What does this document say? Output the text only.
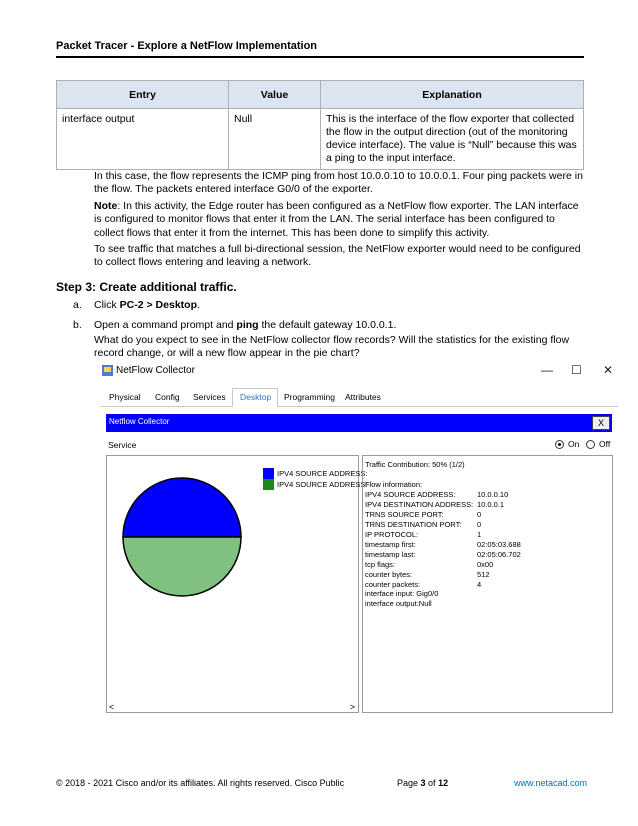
Packet Tracer - Explore a NetFlow Implementation
Entry	Value	Explanation
interface output	Null	This is the interface of the flow exporter that collected the flow in the output direction (out of the monitoring device interface). The value is “Null” because this was a ping to the input interface.
In this case, the flow represents the ICMP ping from host 10.0.0.10 to 10.0.0.1. Four ping packets were in the flow. The packets entered interface G0/0 of the exporter.
Note: In this activity, the Edge router has been configured as a NetFlow flow exporter. The LAN interface is configured to monitor flows that enter it from the LAN. The serial interface has been configured to collect flows that enter it from the internet. This has been done to simplify this activity.
To see traffic that matches a full bi-directional session, the NetFlow exporter would need to be configured to collect flows entering and leaving a network.
Step 3: Create additional traffic.
a. Click PC-2 > Desktop.
b. Open a command prompt and ping the default gateway 10.0.0.1.
What do you expect to see in the NetFlow collector flow records? Will the statistics for the existing flow record change, or will a new flow appear in the pie chart?
NetFlow Collector	— ☐ ✕
Physical Config Services Desktop Programming Attributes
Netflow Collector	X
Service	On Off
IPV4 SOURCE ADDRESS:
IPV4 SOURCE ADDRESS:
<	>
Traffic Contribution: 50% (1/2)
Flow information:
IPV4 SOURCE ADDRESS:	10.0.0.10
IPV4 DESTINATION ADDRESS: 10.0.0.1
TRNS SOURCE PORT:	0
TRNS DESTINATION PORT: 0
IP PROTOCOL:	1
timestamp first:	02:05:03.688
timestamp last:	02:05:06.702
tcp flags:	0x00
counter bytes:	512
counter packets:	4
interface input: Gig0/0
interface output:Null
© 2018 - 2021 Cisco and/or its affiliates. All rights reserved. Cisco Public	Page 3 of 12	www.netacad.com
